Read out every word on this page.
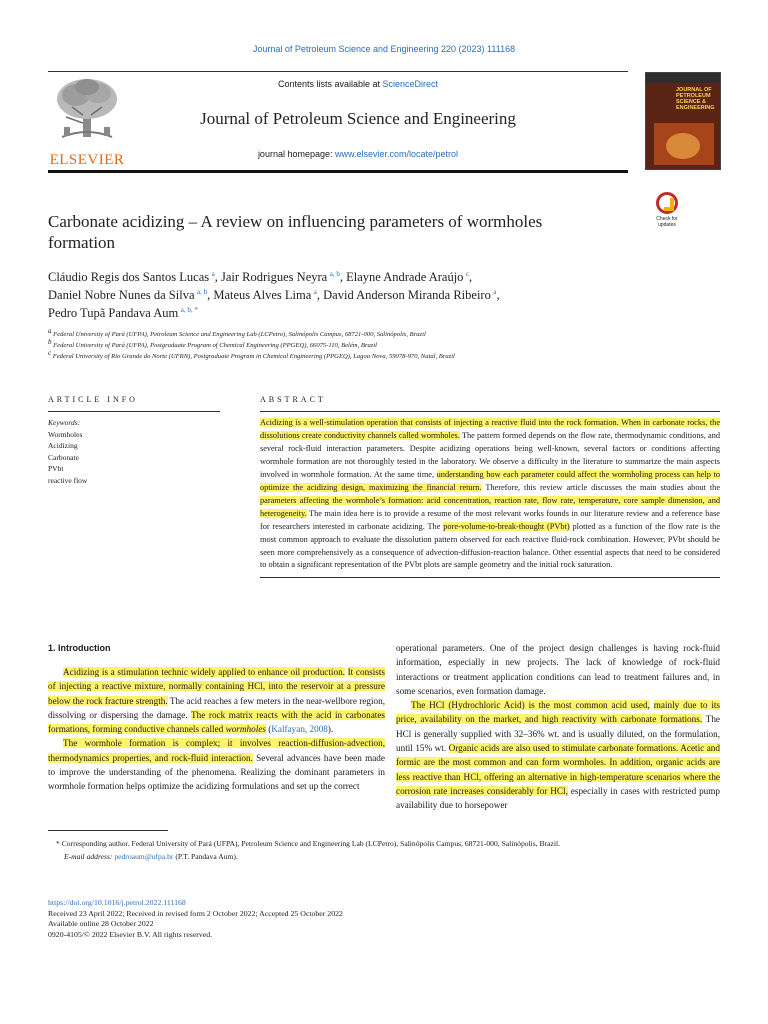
Journal of Petroleum Science and Engineering 220 (2023) 111168
ELSEVIER
Contents lists available at ScienceDirect
Journal of Petroleum Science and Engineering
journal homepage: www.elsevier.com/locate/petrol
JOURNAL OF PETROLEUM SCIENCE & ENGINEERING
Check for updates
Carbonate acidizing – A review on influencing parameters of wormholes formation
Cláudio Regis dos Santos Lucas  $^a$, Jair Rodrigues Neyra  $^{a, b}$, Elayne Andrade Araújo  $^c$,
Daniel Nobre Nunes da Silva  $^{a, b}$, Mateus Alves Lima  $^a$, David Anderson Miranda Ribeiro  $^a$,
Pedro Tupã Pandava Aum  $^{a, b, *}$
$^a$ Federal University of Pará (UFPA), Petroleum Science and Engineering Lab (LCPetro), Salinópolis Campus, 68721-000, Salinópolis, Brazil
$^b$ Federal University of Pará (UFPA), Postgraduate Program of Chemical Engineering (PPGEQ), 66075-110, Belém, Brazil
$^c$ Federal University of Rio Grande do Norte (UFRN), Postgraduate Program in Chemical Engineering (PPGEQ), Lagoa Nova, 59078-970, Natal, Brazil
ARTICLE INFO
Keywords:
Wormholes
Acidizing
Carbonate
PVbt
reactive flow
ABSTRACT
Acidizing is a well-stimulation operation that consists of injecting a reactive fluid into the rock formation. When in carbonate rocks, the dissolutions create conductivity channels called wormholes. The pattern formed depends on the flow rate, thermodynamic conditions, and several rock-fluid interaction parameters. Despite acidizing operations being well-known, several factors or conditions affecting wormhole formation are not thoroughly tested in the laboratory. We observe a difficulty in the literature to summarize the main aspects involved in wormhole formation. At the same time, understanding how each parameter could affect the wormholing process can help to optimize the acidizing design, maximizing the financial return. Therefore, this review article discusses the main studies about the parameters affecting the wormhole’s formation: acid concentration, reaction rate, flow rate, temperature, core sample dimension, and heterogeneity. The main idea here is to provide a resume of the most relevant works founds in our literature review and a reference base for researchers interested in carbonate acidizing. The pore-volume-to-break-thought (PVbt) plotted as a function of the flow rate is the most common approach to evaluate the dissolution pattern observed for each reactive fluid-rock combination. However, PVbt should be seen more comprehensively as a consequence of advection-diffusion-reaction balance. Other essential aspects that need to be considered to obtain a significant representation of the PVbt plots are sample geometry and the initial rock saturation.
1. Introduction

Acidizing is a stimulation technic widely applied to enhance oil production. It consists of injecting a reactive mixture, normally containing HCl, into the reservoir at a pressure below the rock fracture strength. The acid reaches a few meters in the near-wellbore region, dissolving or dispersing the damage. The rock matrix reacts with the acid in carbonates formations, forming conductive channels called wormholes (Kalfayan, 2008).

The wormhole formation is complex; it involves reaction-diffusion-advection, thermodynamics properties, and rock-fluid interaction. Several advances have been made to improve the understanding of the phenomena. Realizing the dominant parameters in wormhole formation helps optimize the acidizing formulations and set up the correct

operational parameters. One of the project design challenges is having rock-fluid information, especially in new projects. The lack of knowledge of rock-fluid interactions or treatment application conditions can lead to treatment failures and, in some scenarios, even formation damage.

The HCl (Hydrochloric Acid) is the most common acid used, mainly due to its price, availability on the market, and high reactivity with carbonate formations. The HCl is generally supplied with 32–36% wt. and is usually diluted, on the formulation, until 15% wt. Organic acids are also used to stimulate carbonate formations. Acetic and formic are the most common and can form wormholes. In addition, organic acids are less reactive than HCl, offering an alternative in high-temperature scenarios where the corrosion rate increases considerably for HCl, especially in cases with restricted pump availability due to horsepower

* Corresponding author. Federal University of Pará (UFPA), Petroleum Science and Engineering Lab (LCPetro), Salinópolis Campus, 68721-000, Salinópolis, Brazil.
E-mail address: pedroaum@ufpa.br (P.T. Pandava Aum).
https://doi.org/10.1016/j.petrol.2022.111168
Received 23 April 2022; Received in revised form 2 October 2022; Accepted 25 October 2022
Available online 28 October 2022
0920-4105/© 2022 Elsevier B.V. All rights reserved.
